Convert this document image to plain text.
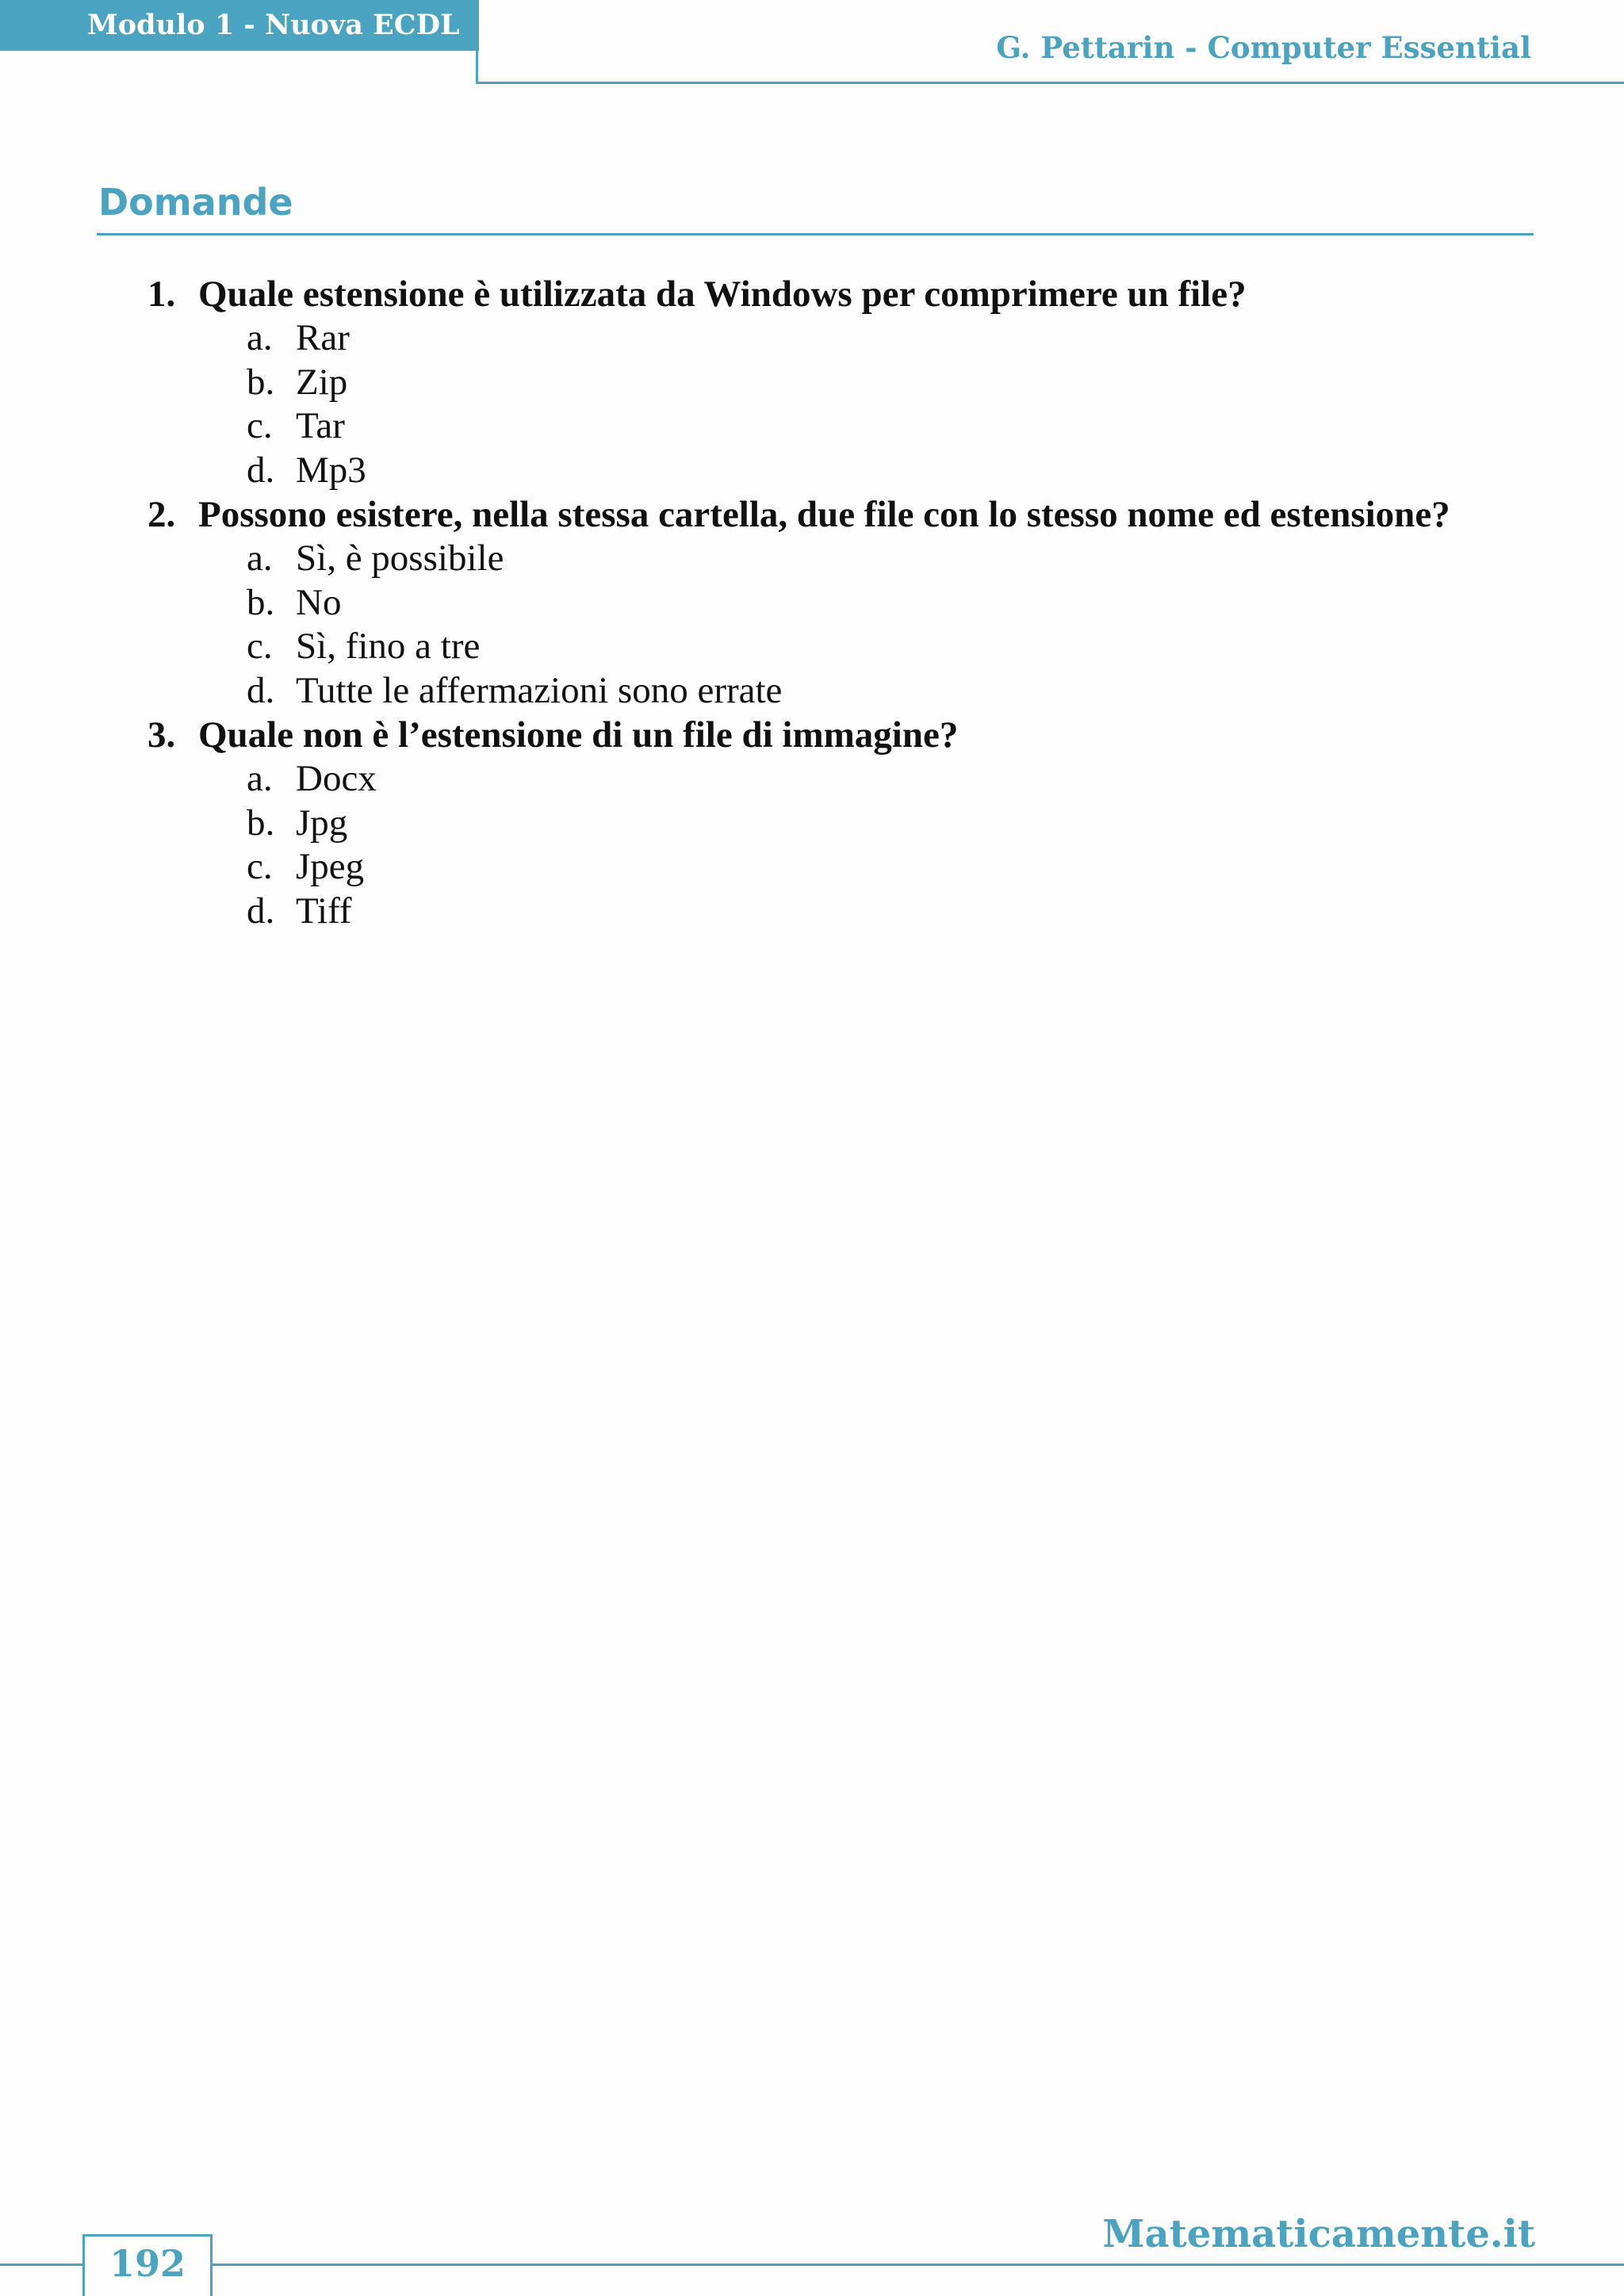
Modulo 1 - Nuova ECDL
G. Pettarin - Computer Essential
Domande
1. Quale estensione è utilizzata da Windows per comprimere un file?
a. Rar
b. Zip
c. Tar
d. Mp3
2. Possono esistere, nella stessa cartella, due file con lo stesso nome ed estensione?
a. Sì, è possibile
b. No
c. Sì, fino a tre
d. Tutte le affermazioni sono errate
3. Quale non è l’estensione di un file di immagine?
a. Docx
b. Jpg
c. Jpeg
d. Tiff
192
Matematicamente.it
